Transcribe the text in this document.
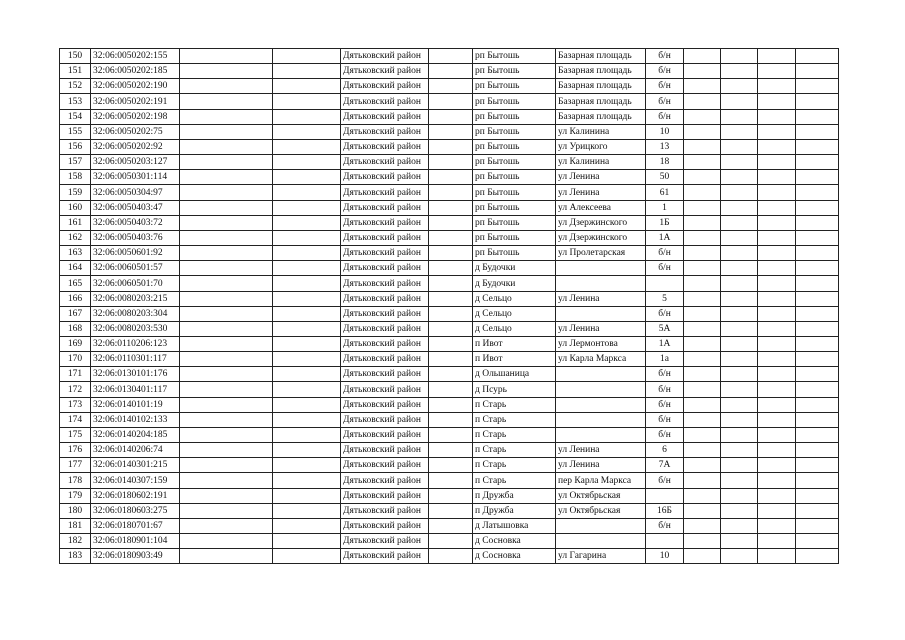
150	32:06:0050202:155			Дятьковский район		рп Бытошь	Базарная площадь	б/н				
151	32:06:0050202:185			Дятьковский район		рп Бытошь	Базарная площадь	б/н				
152	32:06:0050202:190			Дятьковский район		рп Бытошь	Базарная площадь	б/н				
153	32:06:0050202:191			Дятьковский район		рп Бытошь	Базарная площадь	б/н				
154	32:06:0050202:198			Дятьковский район		рп Бытошь	Базарная площадь	б/н				
155	32:06:0050202:75			Дятьковский район		рп Бытошь	ул Калинина	10				
156	32:06:0050202:92			Дятьковский район		рп Бытошь	ул Урицкого	13				
157	32:06:0050203:127			Дятьковский район		рп Бытошь	ул Калинина	18				
158	32:06:0050301:114			Дятьковский район		рп Бытошь	ул Ленина	50				
159	32:06:0050304:97			Дятьковский район		рп Бытошь	ул Ленина	61				
160	32:06:0050403:47			Дятьковский район		рп Бытошь	ул Алексеева	1				
161	32:06:0050403:72			Дятьковский район		рп Бытошь	ул Дзержинского	1Б				
162	32:06:0050403:76			Дятьковский район		рп Бытошь	ул Дзержинского	1А				
163	32:06:0050601:92			Дятьковский район		рп Бытошь	ул Пролетарская	б/н				
164	32:06:0060501:57			Дятьковский район		д Будочки		б/н				
165	32:06:0060501:70			Дятьковский район		д Будочки						
166	32:06:0080203:215			Дятьковский район		д Сельцо	ул Ленина	5				
167	32:06:0080203:304			Дятьковский район		д Сельцо		б/н				
168	32:06:0080203:530			Дятьковский район		д Сельцо	ул Ленина	5А				
169	32:06:0110206:123			Дятьковский район		п Ивот	ул Лермонтова	1А				
170	32:06:0110301:117			Дятьковский район		п Ивот	ул Карла Маркса	1а				
171	32:06:0130101:176			Дятьковский район		д Ольшаница		б/н				
172	32:06:0130401:117			Дятьковский район		д Псурь		б/н				
173	32:06:0140101:19			Дятьковский район		п Старь		б/н				
174	32:06:0140102:133			Дятьковский район		п Старь		б/н				
175	32:06:0140204:185			Дятьковский район		п Старь		б/н				
176	32:06:0140206:74			Дятьковский район		п Старь	ул Ленина	6				
177	32:06:0140301:215			Дятьковский район		п Старь	ул Ленина	7А				
178	32:06:0140307:159			Дятьковский район		п Старь	пер Карла Маркса	б/н				
179	32:06:0180602:191			Дятьковский район		п Дружба	ул Октябрьская					
180	32:06:0180603:275			Дятьковский район		п Дружба	ул Октябрьская	16Б				
181	32:06:0180701:67			Дятьковский район		д Латышовка		б/н				
182	32:06:0180901:104			Дятьковский район		д Сосновка						
183	32:06:0180903:49			Дятьковский район		д Сосновка	ул Гагарина	10				
